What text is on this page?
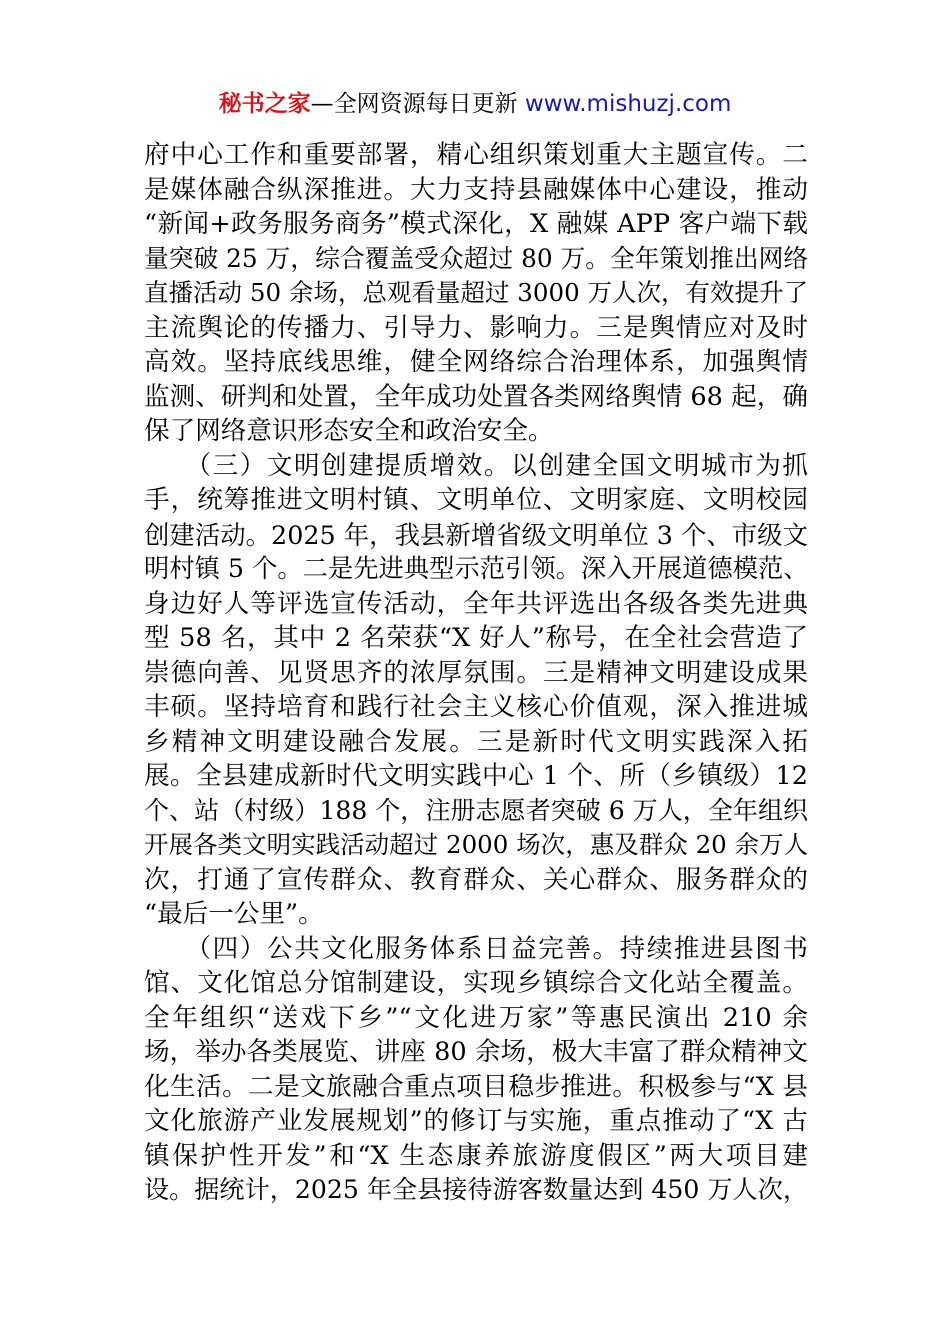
秘书之家—全网资源每日更新 www.mishuzj.com
府中心工作和重要部署，精心组织策划重大主题宣传。二
是媒体融合纵深推进。大力支持县融媒体中心建设，推动
“新闻+政务服务商务”模式深化，X 融媒 APP 客户端下载
量突破 25 万，综合覆盖受众超过 80 万。全年策划推出网络
直播活动 50 余场，总观看量超过 3000 万人次，有效提升了
主流舆论的传播力、引导力、影响力。三是舆情应对及时
高效。坚持底线思维，健全网络综合治理体系，加强舆情
监测、研判和处置，全年成功处置各类网络舆情 68 起，确
保了网络意识形态安全和政治安全。
　　（三）文明创建提质增效。以创建全国文明城市为抓
手，统筹推进文明村镇、文明单位、文明家庭、文明校园
创建活动。2025 年，我县新增省级文明单位 3 个、市级文
明村镇 5 个。二是先进典型示范引领。深入开展道德模范、
身边好人等评选宣传活动，全年共评选出各级各类先进典
型 58 名，其中 2 名荣获“X 好人”称号，在全社会营造了
崇德向善、见贤思齐的浓厚氛围。三是精神文明建设成果
丰硕。坚持培育和践行社会主义核心价值观，深入推进城
乡精神文明建设融合发展。三是新时代文明实践深入拓
展。全县建成新时代文明实践中心 1 个、所（乡镇级）12
个、站（村级）188 个，注册志愿者突破 6 万人，全年组织
开展各类文明实践活动超过 2000 场次，惠及群众 20 余万人
次，打通了宣传群众、教育群众、关心群众、服务群众的
“最后一公里”。
　　（四）公共文化服务体系日益完善。持续推进县图书
馆、文化馆总分馆制建设，实现乡镇综合文化站全覆盖。
全年组织“送戏下乡”“文化进万家”等惠民演出 210 余
场，举办各类展览、讲座 80 余场，极大丰富了群众精神文
化生活。二是文旅融合重点项目稳步推进。积极参与“X 县
文化旅游产业发展规划”的修订与实施，重点推动了“X 古
镇保护性开发”和“X 生态康养旅游度假区”两大项目建
设。据统计，2025 年全县接待游客数量达到 450 万人次，
